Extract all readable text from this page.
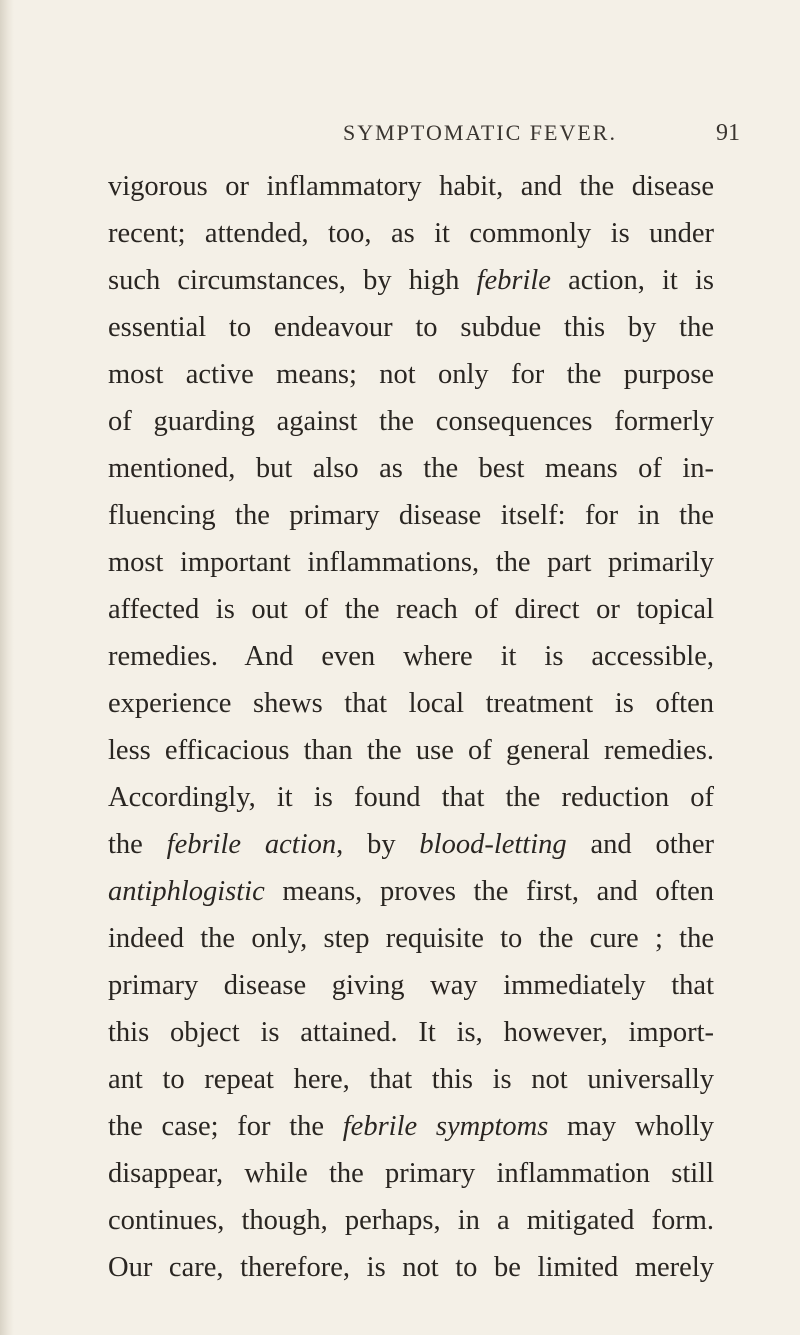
SYMPTOMATIC FEVER.	91
vigorous or inflammatory habit, and the disease
recent; attended, too, as it commonly is under
such circumstances, by high febrile action, it is
essential to endeavour to subdue this by the
most active means; not only for the purpose
of guarding against the consequences formerly
mentioned, but also as the best means of in-
fluencing the primary disease itself: for in the
most important inflammations, the part primarily
affected is out of the reach of direct or topical
remedies. And even where it is accessible,
experience shews that local treatment is often
less efficacious than the use of general remedies.
Accordingly, it is found that the reduction of
the febrile action, by blood-letting and other
antiphlogistic means, proves the first, and often
indeed the only, step requisite to the cure ; the
primary disease giving way immediately that
this object is attained. It is, however, import-
ant to repeat here, that this is not universally
the case; for the febrile symptoms may wholly
disappear, while the primary inflammation still
continues, though, perhaps, in a mitigated form.
Our care, therefore, is not to be limited merely
